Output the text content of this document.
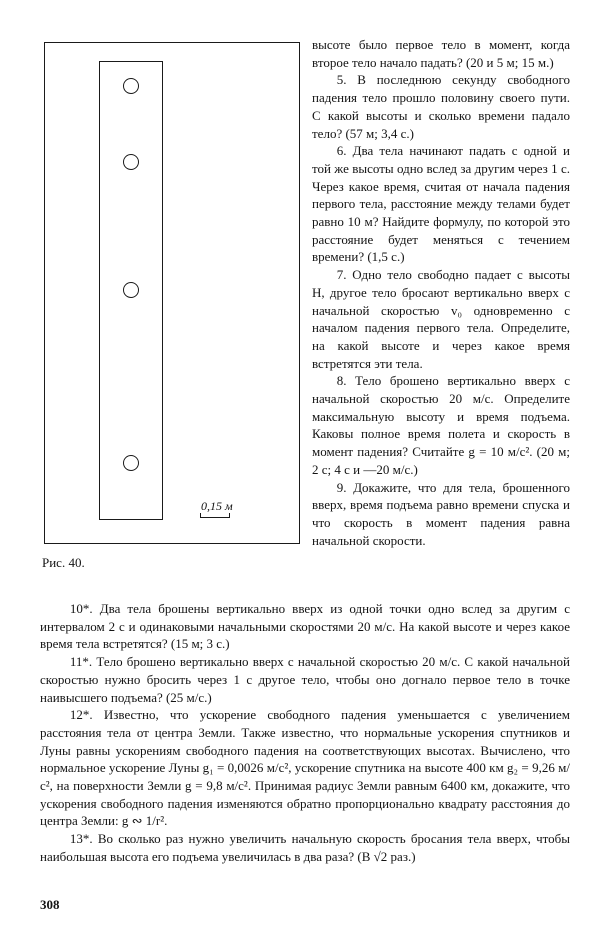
0,15 м
Рис. 40.

высоте было первое тело в момент, когда второе тело начало падать? (20 и 5 м; 15 м.)

5. В последнюю секунду свободного падения тело прошло половину своего пути. С какой высоты и сколько времени падало тело? (57 м; 3,4 с.)

6. Два тела начинают падать с одной и той же высоты одно вслед за другим через 1 с. Через какое время, считая от начала падения первого тела, расстояние между телами будет равно 10 м? Найдите формулу, по которой это расстояние будет меняться с течением времени? (1,5 с.)

7. Одно тело свободно падает с высоты H, другое тело бросают вертикально вверх с начальной скоростью v₀ одновременно с началом падения первого тела. Определите, на какой высоте и через какое время встретятся эти тела.

8. Тело брошено вертикально вверх с начальной скоростью 20 м/с. Определите максимальную высоту и время подъема. Каковы полное время полета и скорость в момент падения? Считайте g = 10 м/с². (20 м; 2 с; 4 с и —20 м/с.)

9. Докажите, что для тела, брошенного вверх, время подъема равно времени спуска и что скорость в момент падения равна начальной скорости.

10*. Два тела брошены вертикально вверх из одной точки одно вслед за другим с интервалом 2 с и одинаковыми начальными скоростями 20 м/с. На какой высоте и через какое время тела встретятся? (15 м; 3 с.)

11*. Тело брошено вертикально вверх с начальной скоростью 20 м/с. С какой начальной скоростью нужно бросить через 1 с другое тело, чтобы оно догнало первое тело в точке наивысшего подъема? (25 м/с.)

12*. Известно, что ускорение свободного падения уменьшается с увеличением расстояния тела от центра Земли. Также известно, что нормальные ускорения спутников и Луны равны ускорениям свободного падения на соответствующих высотах. Вычислено, что нормальное ускорение Луны g₁ = 0,0026 м/с², ускорение спутника на высоте 400 км g₂ = 9,26 м/с², на поверхности Земли g = 9,8 м/с². Принимая радиус Земли равным 6400 км, докажите, что ускорения свободного падения изменяются обратно пропорционально квадрату расстояния до центра Земли: g ∾ 1/r².

13*. Во сколько раз нужно увеличить начальную скорость бросания тела вверх, чтобы наибольшая высота его подъема увеличилась в два раза? (В √2 раз.)

308
